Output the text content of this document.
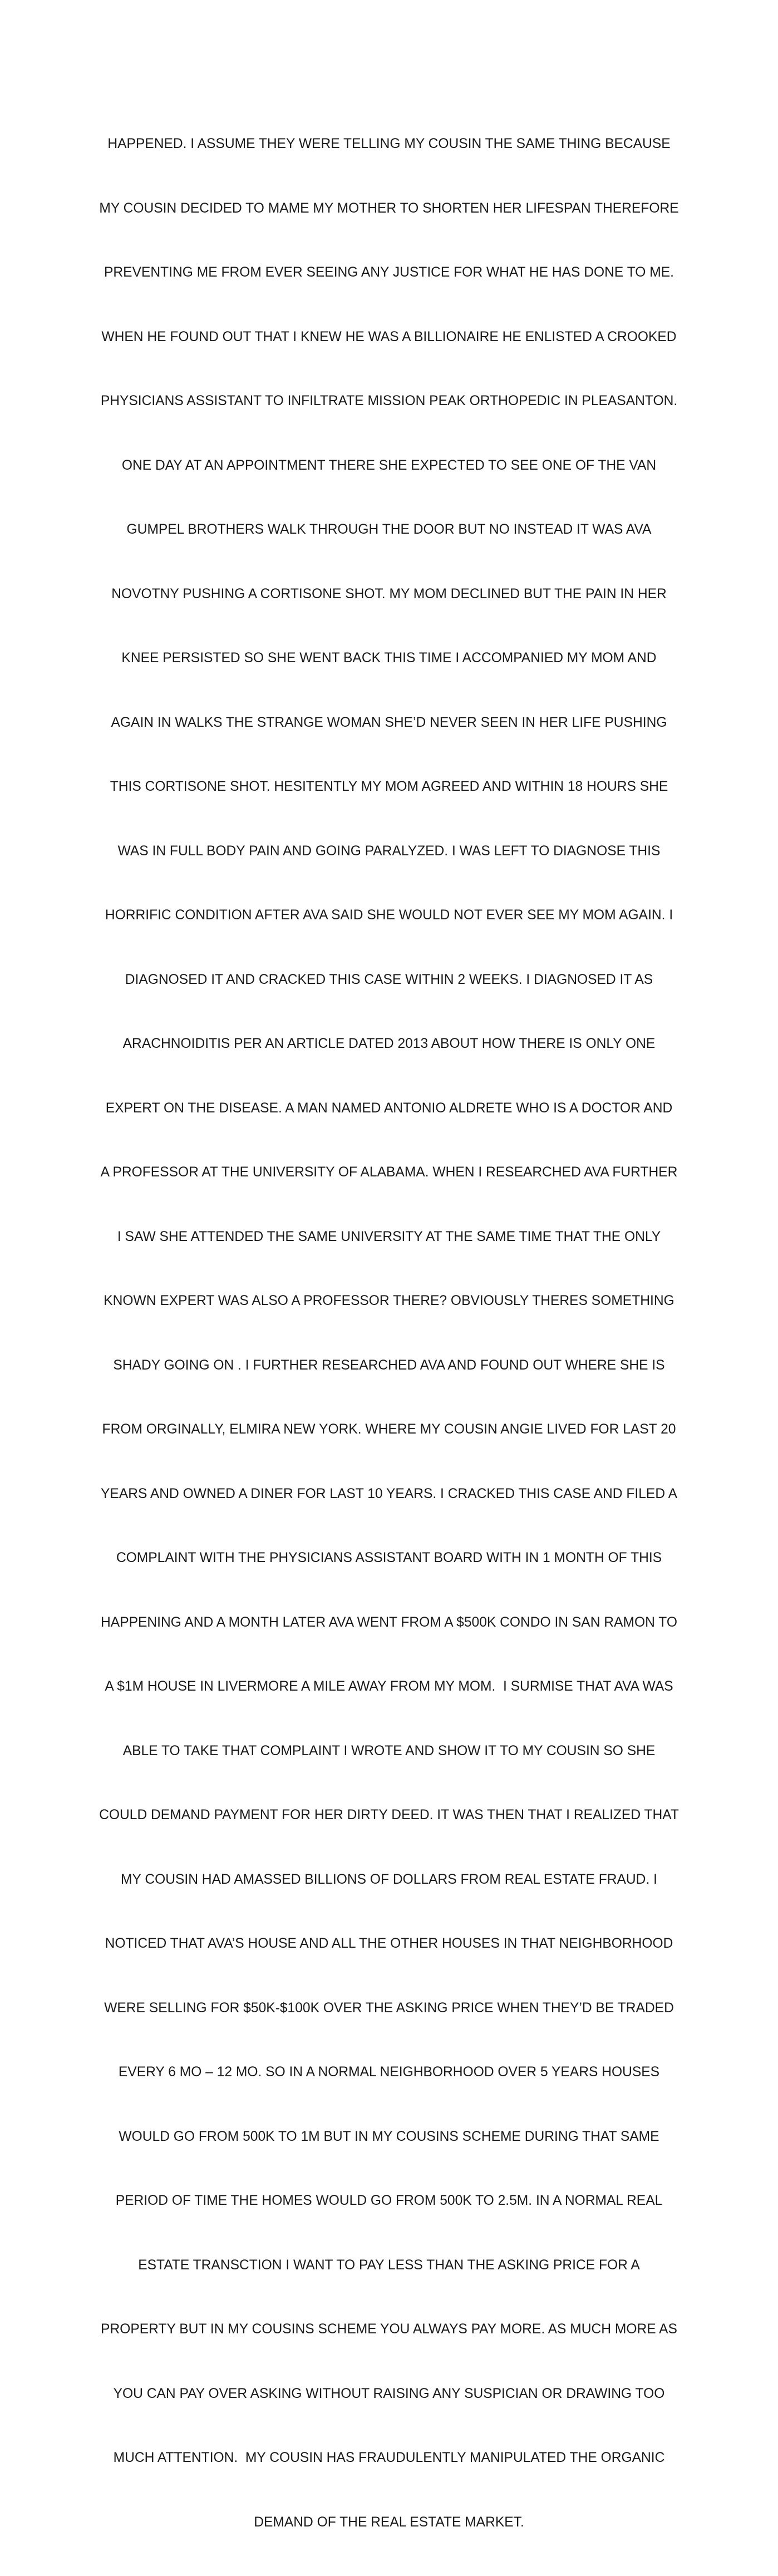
HAPPENED. I ASSUME THEY WERE TELLING MY COUSIN THE SAME THING BECAUSE

MY COUSIN DECIDED TO MAME MY MOTHER TO SHORTEN HER LIFESPAN THEREFORE

PREVENTING ME FROM EVER SEEING ANY JUSTICE FOR WHAT HE HAS DONE TO ME.

WHEN HE FOUND OUT THAT I KNEW HE WAS A BILLIONAIRE HE ENLISTED A CROOKED

PHYSICIANS ASSISTANT TO INFILTRATE MISSION PEAK ORTHOPEDIC IN PLEASANTON.

ONE DAY AT AN APPOINTMENT THERE SHE EXPECTED TO SEE ONE OF THE VAN

GUMPEL BROTHERS WALK THROUGH THE DOOR BUT NO INSTEAD IT WAS AVA

NOVOTNY PUSHING A CORTISONE SHOT. MY MOM DECLINED BUT THE PAIN IN HER

KNEE PERSISTED SO SHE WENT BACK THIS TIME I ACCOMPANIED MY MOM AND

AGAIN IN WALKS THE STRANGE WOMAN SHE’D NEVER SEEN IN HER LIFE PUSHING

THIS CORTISONE SHOT. HESITENTLY MY MOM AGREED AND WITHIN 18 HOURS SHE

WAS IN FULL BODY PAIN AND GOING PARALYZED. I WAS LEFT TO DIAGNOSE THIS

HORRIFIC CONDITION AFTER AVA SAID SHE WOULD NOT EVER SEE MY MOM AGAIN. I

DIAGNOSED IT AND CRACKED THIS CASE WITHIN 2 WEEKS. I DIAGNOSED IT AS

ARACHNOIDITIS PER AN ARTICLE DATED 2013 ABOUT HOW THERE IS ONLY ONE

EXPERT ON THE DISEASE. A MAN NAMED ANTONIO ALDRETE WHO IS A DOCTOR AND

A PROFESSOR AT THE UNIVERSITY OF ALABAMA. WHEN I RESEARCHED AVA FURTHER

I SAW SHE ATTENDED THE SAME UNIVERSITY AT THE SAME TIME THAT THE ONLY

KNOWN EXPERT WAS ALSO A PROFESSOR THERE? OBVIOUSLY THERES SOMETHING

SHADY GOING ON . I FURTHER RESEARCHED AVA AND FOUND OUT WHERE SHE IS

FROM ORGINALLY, ELMIRA NEW YORK. WHERE MY COUSIN ANGIE LIVED FOR LAST 20

YEARS AND OWNED A DINER FOR LAST 10 YEARS. I CRACKED THIS CASE AND FILED A

COMPLAINT WITH THE PHYSICIANS ASSISTANT BOARD WITH IN 1 MONTH OF THIS

HAPPENING AND A MONTH LATER AVA WENT FROM A $500K CONDO IN SAN RAMON TO

A $1M HOUSE IN LIVERMORE A MILE AWAY FROM MY MOM.  I SURMISE THAT AVA WAS

ABLE TO TAKE THAT COMPLAINT I WROTE AND SHOW IT TO MY COUSIN SO SHE

COULD DEMAND PAYMENT FOR HER DIRTY DEED. IT WAS THEN THAT I REALIZED THAT

MY COUSIN HAD AMASSED BILLIONS OF DOLLARS FROM REAL ESTATE FRAUD. I

NOTICED THAT AVA’S HOUSE AND ALL THE OTHER HOUSES IN THAT NEIGHBORHOOD

WERE SELLING FOR $50K-$100K OVER THE ASKING PRICE WHEN THEY’D BE TRADED

EVERY 6 MO – 12 MO. SO IN A NORMAL NEIGHBORHOOD OVER 5 YEARS HOUSES

WOULD GO FROM 500K TO 1M BUT IN MY COUSINS SCHEME DURING THAT SAME

PERIOD OF TIME THE HOMES WOULD GO FROM 500K TO 2.5M. IN A NORMAL REAL

ESTATE TRANSCTION I WANT TO PAY LESS THAN THE ASKING PRICE FOR A

PROPERTY BUT IN MY COUSINS SCHEME YOU ALWAYS PAY MORE. AS MUCH MORE AS

YOU CAN PAY OVER ASKING WITHOUT RAISING ANY SUSPICIAN OR DRAWING TOO

MUCH ATTENTION.  MY COUSIN HAS FRAUDULENTLY MANIPULATED THE ORGANIC

DEMAND OF THE REAL ESTATE MARKET.
